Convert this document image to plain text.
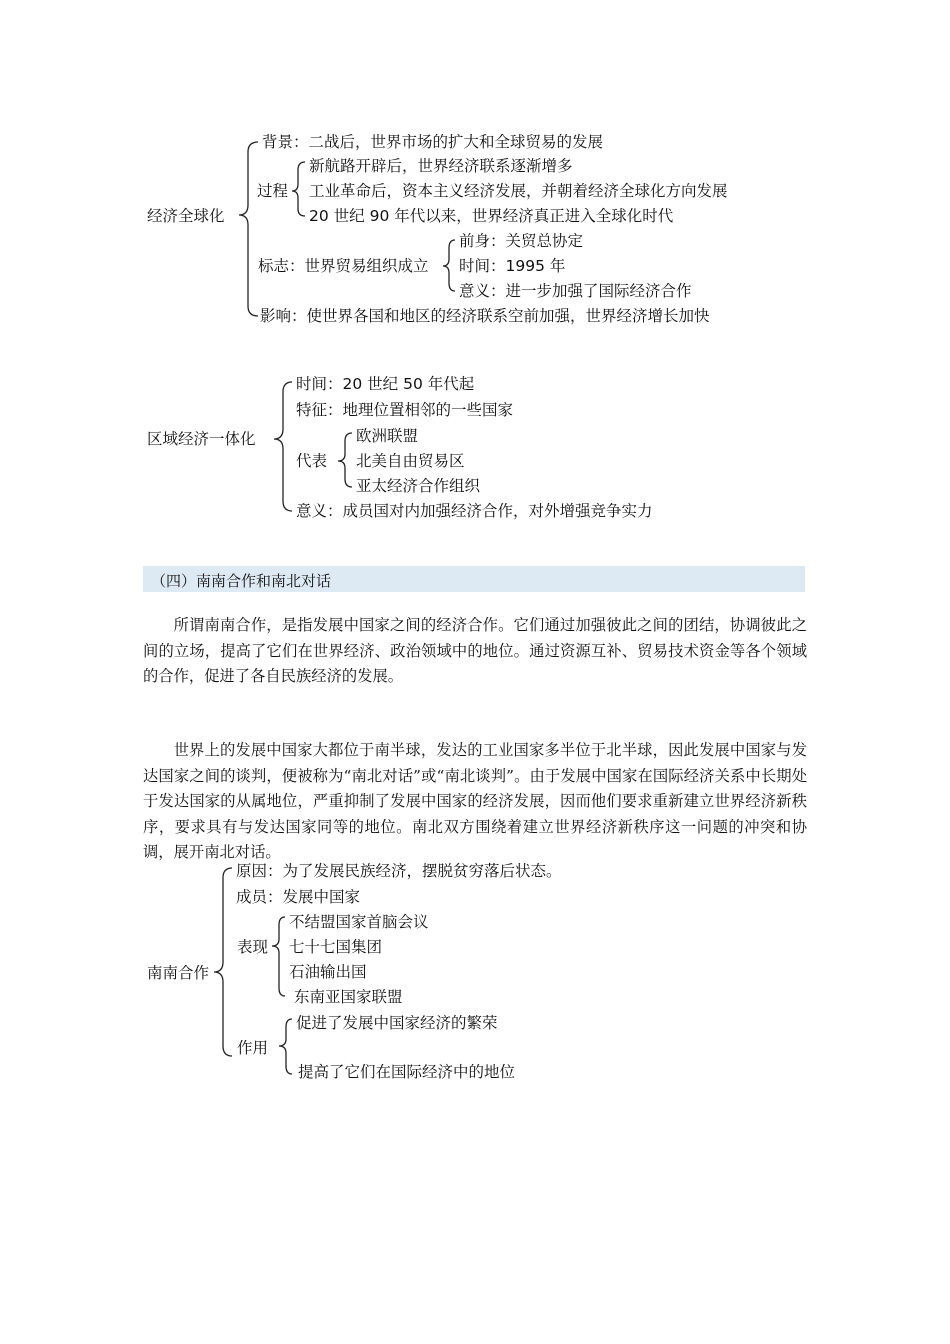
经济全球化
背景：二战后，世界市场的扩大和全球贸易的发展
过程
新航路开辟后，世界经济联系逐渐增多
工业革命后，资本主义经济发展，并朝着经济全球化方向发展
20 世纪 90 年代以来，世界经济真正进入全球化时代
标志：世界贸易组织成立
前身：关贸总协定
时间：1995 年
意义：进一步加强了国际经济合作
影响：使世界各国和地区的经济联系空前加强，世界经济增长加快
区域经济一体化
时间：20 世纪 50 年代起
特征：地理位置相邻的一些国家
代表
欧洲联盟
北美自由贸易区
亚太经济合作组织
意义：成员国对内加强经济合作，对外增强竞争实力
（四）南南合作和南北对话

所谓南南合作，是指发展中国家之间的经济合作。它们通过加强彼此之间的团结，协调彼此之间的立场，提高了它们在世界经济、政治领域中的地位。通过资源互补、贸易技术资金等各个领域的合作，促进了各自民族经济的发展。

世界上的发展中国家大都位于南半球，发达的工业国家多半位于北半球，因此发展中国家与发达国家之间的谈判，便被称为“南北对话”或“南北谈判”。由于发展中国家在国际经济关系中长期处于发达国家的从属地位，严重抑制了发展中国家的经济发展，因而他们要求重新建立世界经济新秩序，要求具有与发达国家同等的地位。南北双方围绕着建立世界经济新秩序这一问题的冲突和协调，展开南北对话。

南南合作
原因：为了发展民族经济，摆脱贫穷落后状态。
成员：发展中国家
表现
不结盟国家首脑会议
七十七国集团
石油输出国
东南亚国家联盟
作用
促进了发展中国家经济的繁荣
提高了它们在国际经济中的地位
